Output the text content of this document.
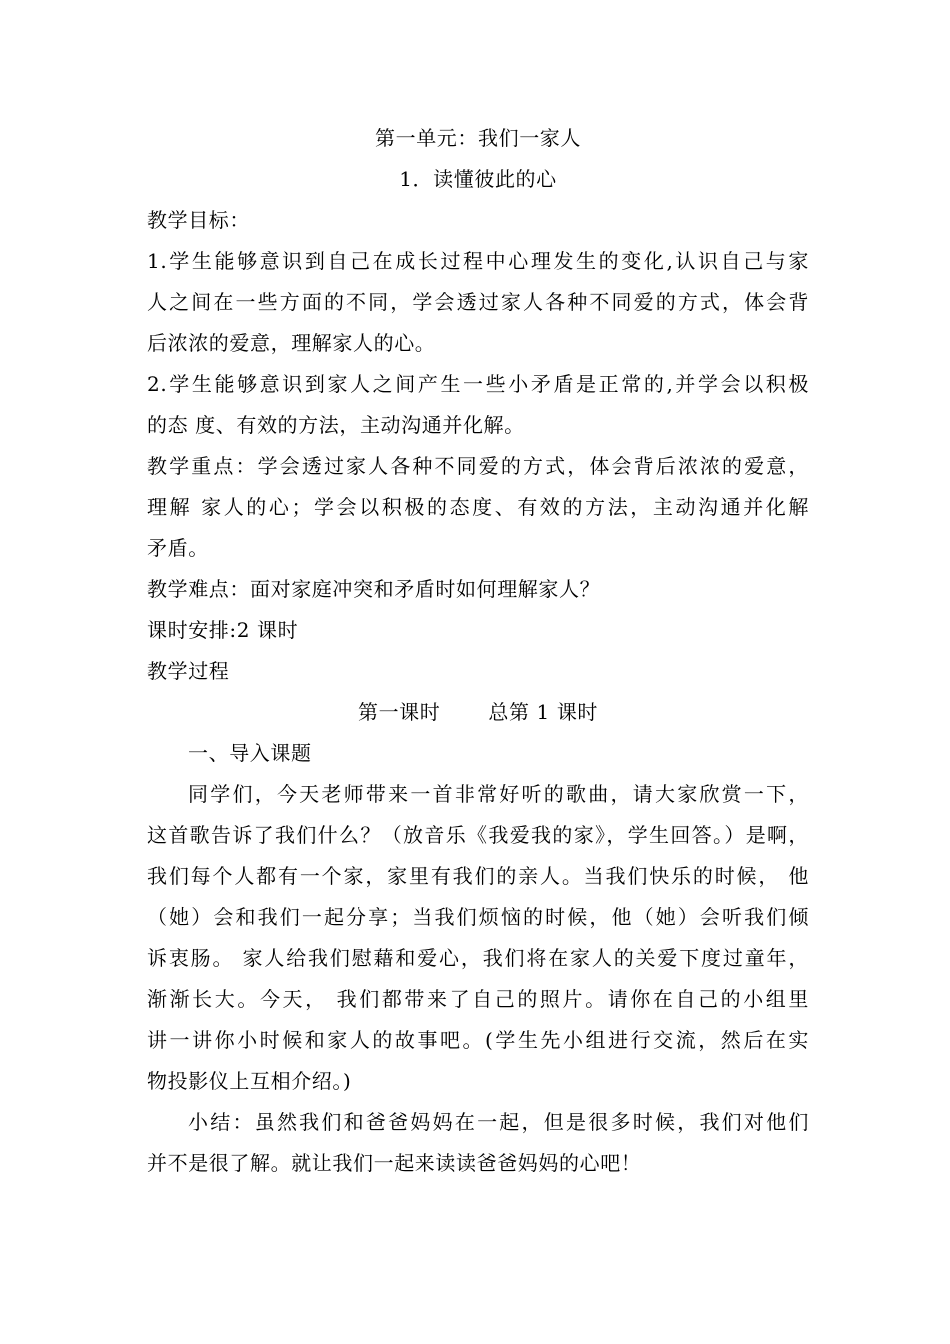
第一单元：我们一家人
1．读懂彼此的心
教学目标：
1.学生能够意识到自己在成长过程中心理发生的变化,认识自己与家
人之间在一些方面的不同，学会透过家人各种不同爱的方式，体会背
后浓浓的爱意，理解家人的心。
2.学生能够意识到家人之间产生一些小矛盾是正常的,并学会以积极
的态 度、有效的方法，主动沟通并化解。
教学重点：学会透过家人各种不同爱的方式，体会背后浓浓的爱意，
理解 家人的心；学会以积极的态度、有效的方法，主动沟通并化解
矛盾。
教学难点：面对家庭冲突和矛盾时如何理解家人？
课时安排:2 课时
教学过程
第一课时 总第 1 课时
一、导入课题
同学们，今天老师带来一首非常好听的歌曲，请大家欣赏一下，
这首歌告诉了我们什么？（放音乐《我爱我的家》，学生回答。）是啊，
我们每个人都有一个家，家里有我们的亲人。当我们快乐的时候， 他
（她）会和我们一起分享；当我们烦恼的时候，他（她）会听我们倾
诉衷肠。 家人给我们慰藉和爱心，我们将在家人的关爱下度过童年，
渐渐长大。今天， 我们都带来了自己的照片。请你在自己的小组里
讲一讲你小时候和家人的故事吧。(学生先小组进行交流，然后在实
物投影仪上互相介绍。)
小结：虽然我们和爸爸妈妈在一起，但是很多时候，我们对他们
并不是很了解。就让我们一起来读读爸爸妈妈的心吧！
